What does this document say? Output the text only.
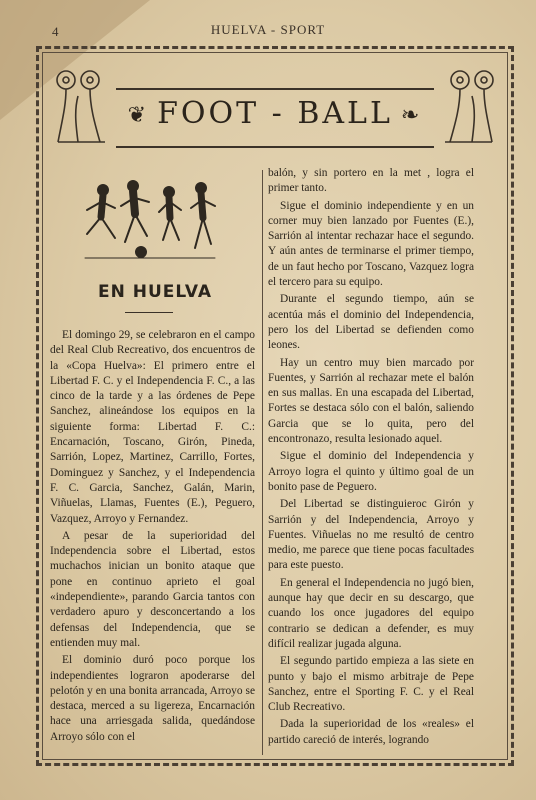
4	HUELVA - SPORT
❦ FOOT - BALL ❧
EN HUELVA

El domingo 29, se celebraron en el campo del Real Club Recreativo, dos encuentros de la «Copa Huelva»: El primero entre el Libertad F. C. y el Independencia F. C., a las cinco de la tarde y a las órdenes de Pepe Sanchez, alineándose los equipos en la siguiente forma: Libertad F. C.: Encarnación, Toscano, Girón, Pineda, Sarrión, Lopez, Martinez, Carrillo, Fortes, Dominguez y Sanchez, y el Independencia F. C. Garcia, Sanchez, Galán, Marin, Viñuelas, Llamas, Fuentes (E.), Peguero, Vazquez, Arroyo y Fernandez.

A pesar de la superioridad del Independencia sobre el Libertad, estos muchachos inician un bonito ataque que pone en continuo aprieto el goal «independiente», parando Garcia tantos con verdadero apuro y desconcertando a los defensas del Independencia, que se entienden muy mal.

El dominio duró poco porque los independientes lograron apoderarse del pelotón y en una bonita arrancada, Arroyo se destaca, merced a su ligereza, Encarnación hace una arriesgada salida, quedándose Arroyo sólo con el

balón, y sin portero en la met , logra el primer tanto.

Sigue el dominio independiente y en un corner muy bien lanzado por Fuentes (E.), Sarrión al intentar rechazar hace el segundo. Y aún antes de terminarse el primer tiempo, de un faut hecho por Toscano, Vazquez logra el tercero para su equipo.

Durante el segundo tiempo, aún se acentúa más el dominio del Independencia, pero los del Libertad se defienden como leones.

Hay un centro muy bien marcado por Fuentes, y Sarrión al rechazar mete el balón en sus mallas. En una escapada del Libertad, Fortes se destaca sólo con el balón, saliendo Garcia que se lo quita, pero del encontronazo, resulta lesionado aquel.

Sigue el dominio del Independencia y Arroyo logra el quinto y último goal de un bonito pase de Peguero.

Del Libertad se distinguieroc Girón y Sarrión y del Independencia, Arroyo y Fuentes. Viñuelas no me resultó de centro medio, me parece que tiene pocas facultades para este puesto.

En general el Independencia no jugó bien, aunque hay que decir en su descargo, que cuando los once jugadores del equipo contrario se dedican a defender, es muy difícil realizar jugada alguna.

El segundo partido empieza a las siete en punto y bajo el mismo arbitraje de Pepe Sanchez, entre el Sporting F. C. y el Real Club Recreativo.

Dada la superioridad de los «reales» el partido careció de interés, logrando
